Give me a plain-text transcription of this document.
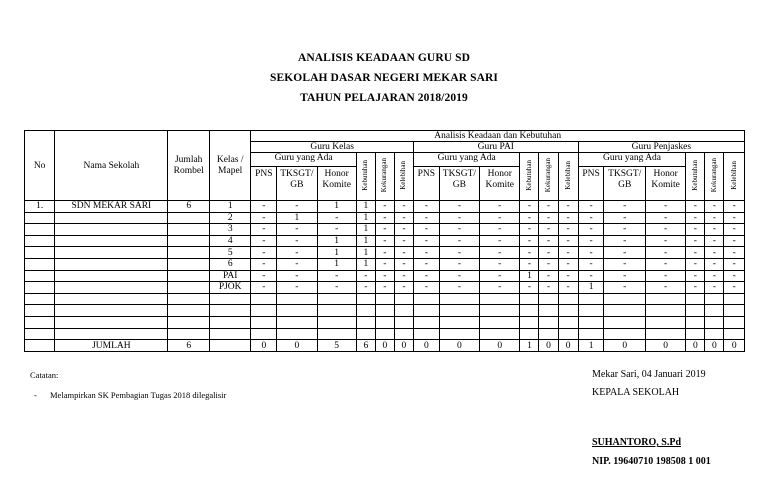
ANALISIS KEADAAN GURU SD
SEKOLAH DASAR NEGERI MEKAR SARI
TAHUN PELAJARAN 2018/2019
No	Nama Sekolah	Jumlah Rombel	Kelas / Mapel	Analisis Keadaan dan Kebutuhan																	
				Guru Kelas						Guru PAI						Guru Penjaskes					
				Guru yang Ada			Kebutuhan	Kekurangan	Kelebihan	Guru yang Ada			Kebutuhan	Kekurangan	Kelebihan	Guru yang Ada			Kebutuhan	Kekurangan	Kelebihan
				PNS	TKSGT/ GB	Honor Komite				PNS	TKSGT/ GB	Honor Komite				PNS	TKSGT/ GB	Honor Komite			
1.	SDN MEKAR SARI	6	1	-	-	1	1	-	-	-	-	-	-	-	-	-	-	-	-	-	-
			2	-	1	-	1	-	-	-	-	-	-	-	-	-	-	-	-	-	-
			3	-	-	-	1	-	-	-	-	-	-	-	-	-	-	-	-	-	-
			4	-	-	1	1	-	-	-	-	-	-	-	-	-	-	-	-	-	-
			5	-	-	1	1	-	-	-	-	-	-	-	-	-	-	-	-	-	-
			6	-	-	1	1	-	-	-	-	-	-	-	-	-	-	-	-	-	-
			PAI	-	-	-	-	-	-	-	-	-	1	-	-	-	-	-	-	-	-
			PJOK	-	-	-	-	-	-	-	-	-	-	-	-	1	-	-	-	-	-

	JUMLAH	6		0	0	5	6	0	0	0	0	0	1	0	0	1	0	0	0	0	0
Catatan:
- Melampirkan SK Pembagian Tugas 2018 dilegalisir
Mekar Sari, 04 Januari 2019
KEPALA SEKOLAH
SUHANTORO, S.Pd
NIP. 19640710 198508 1 001
